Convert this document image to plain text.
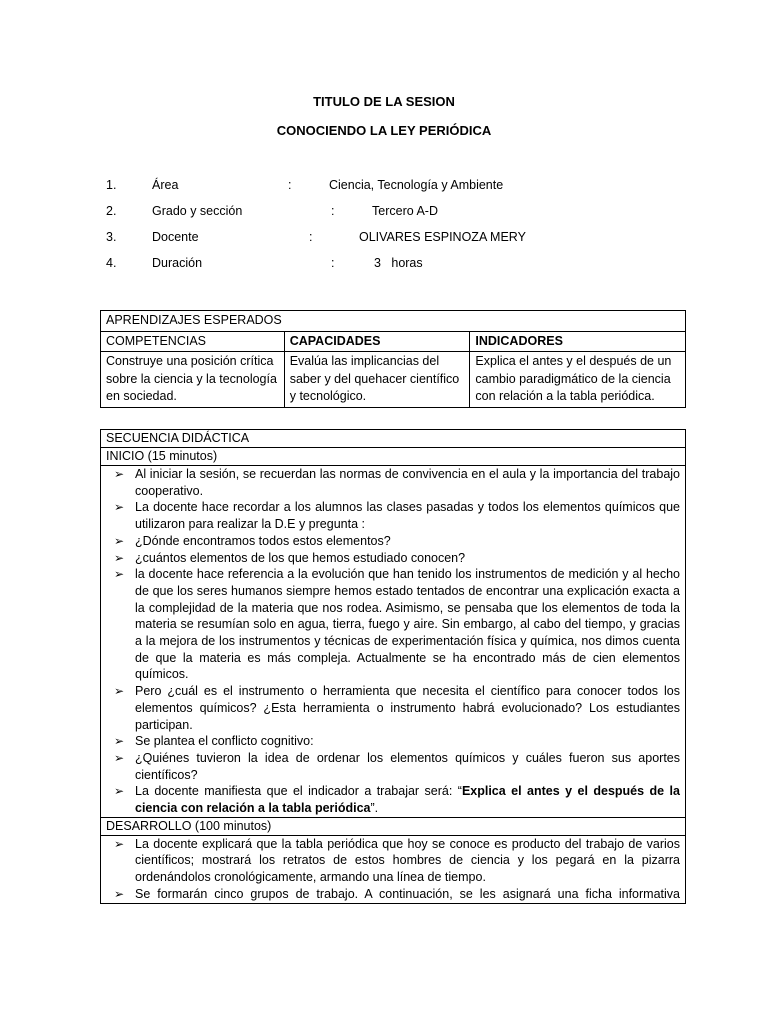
TITULO DE LA SESION
CONOCIENDO LA LEY PERIÓDICA
1.	Área	:	Ciencia, Tecnología y Ambiente
2.	Grado y sección	:	Tercero A-D
3.	Docente	:	OLIVARES ESPINOZA MERY
4.	Duración	:	3   horas
APRENDIZAJES ESPERADOS		
COMPETENCIAS	CAPACIDADES	INDICADORES
Construye una posición crítica sobre la ciencia y la tecnología en sociedad.	Evalúa las implicancias del saber y del quehacer científico y tecnológico.	Explica el antes y el después de un cambio paradigmático de la ciencia con relación a la tabla periódica.
SECUENCIA DIDÁCTICA
INICIO (15 minutos)

➢ Al iniciar la sesión, se recuerdan las normas de convivencia en el aula y la importancia del trabajo cooperativo.
➢ La docente hace recordar a los alumnos las clases pasadas y todos los elementos químicos que utilizaron para realizar la D.E y pregunta :
➢ ¿Dónde encontramos todos estos elementos?
➢ ¿cuántos elementos de los que hemos estudiado conocen?
➢ la docente hace referencia a la evolución que han tenido los instrumentos de medición y al hecho de que los seres humanos siempre hemos estado tentados de encontrar una explicación exacta a la complejidad de la materia que nos rodea. Asimismo, se pensaba que los elementos de toda la materia se resumían solo en agua, tierra, fuego y aire. Sin embargo, al cabo del tiempo, y gracias a la mejora de los instrumentos y técnicas de experimentación física y química, nos dimos cuenta de que la materia es más compleja. Actualmente se ha encontrado más de cien elementos químicos.
➢ Pero ¿cuál es el instrumento o herramienta que necesita el científico para conocer todos los elementos químicos? ¿Esta herramienta o instrumento habrá evolucionado? Los estudiantes participan.
➢ Se plantea el conflicto cognitivo:
➢ ¿Quiénes tuvieron la idea de ordenar los elementos químicos y cuáles fueron sus aportes científicos?
➢ La docente manifiesta que el indicador a trabajar será: “Explica el antes y el después de la ciencia con relación a la tabla periódica”.

DESARROLLO (100 minutos)

➢ La docente explicará que la tabla periódica que hoy se conoce es producto del trabajo de varios científicos; mostrará los retratos de estos hombres de ciencia y los pegará en la pizarra ordenándolos cronológicamente, armando una línea de tiempo.
➢ Se formarán cinco grupos de trabajo. A continuación, se les asignará una ficha informativa
